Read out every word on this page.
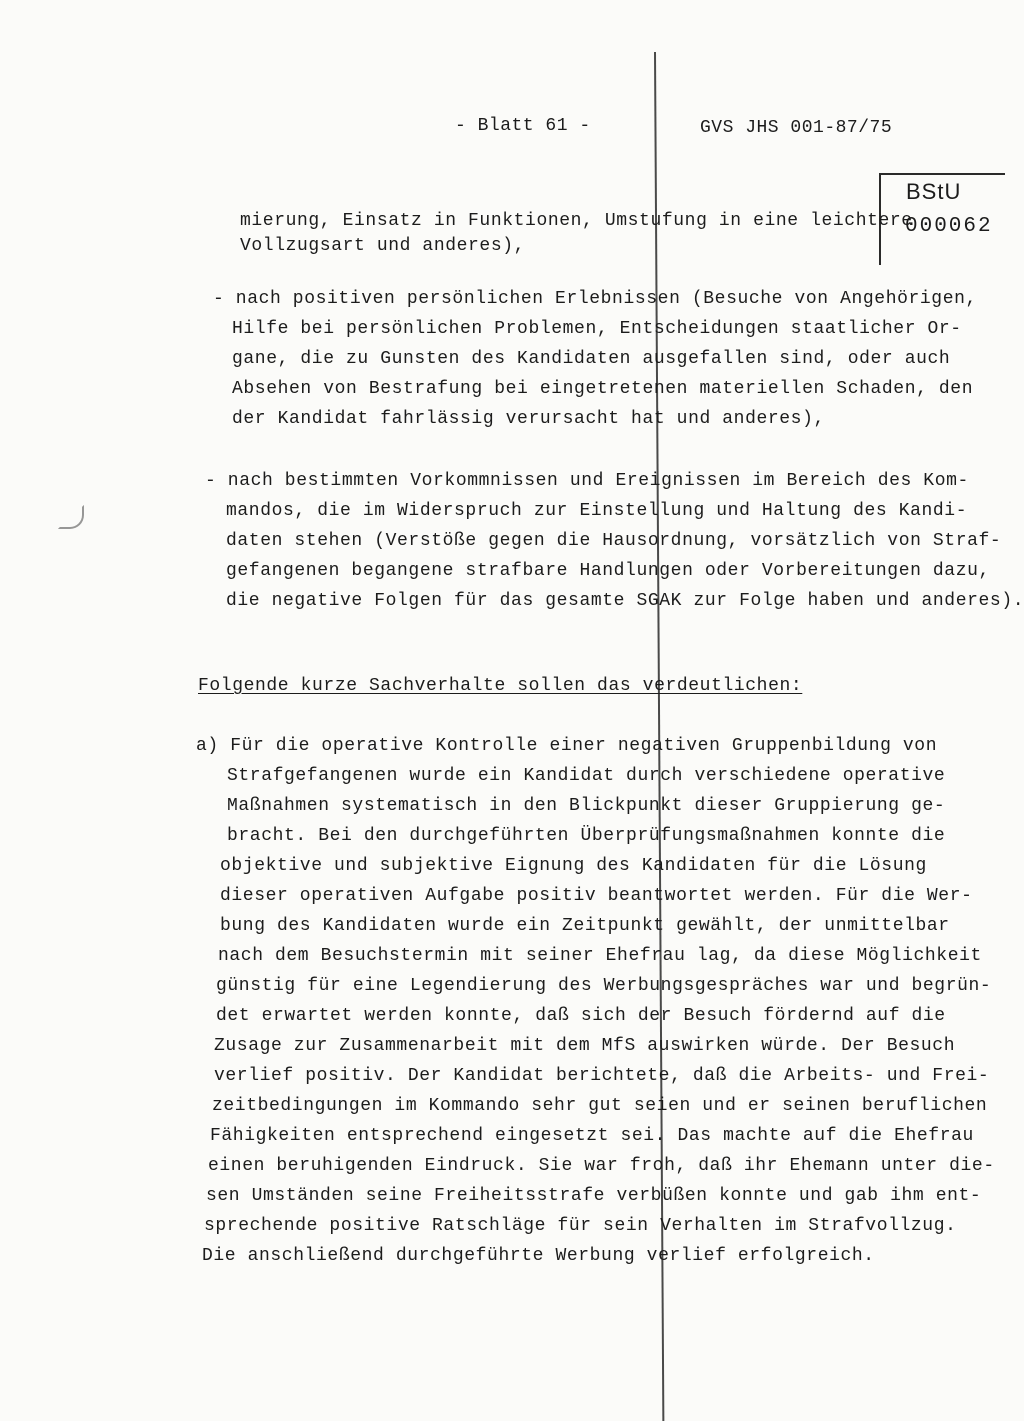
- Blatt 61 -	GVS JHS 001-87/75
BStU
000062
mierung, Einsatz in Funktionen, Umstufung in eine leichtere
Vollzugsart und anderes),
- nach positiven persönlichen Erlebnissen (Besuche von Angehörigen,
Hilfe bei persönlichen Problemen, Entscheidungen staatlicher Or-
gane, die zu Gunsten des Kandidaten ausgefallen sind, oder auch
Absehen von Bestrafung bei eingetretenen materiellen Schaden, den
der Kandidat fahrlässig verursacht hat und anderes),
- nach bestimmten Vorkommnissen und Ereignissen im Bereich des Kom-
mandos, die im Widerspruch zur Einstellung und Haltung des Kandi-
daten stehen (Verstöße gegen die Hausordnung, vorsätzlich von Straf-
gefangenen begangene strafbare Handlungen oder Vorbereitungen dazu,
die negative Folgen für das gesamte SGAK zur Folge haben und anderes).
Folgende kurze Sachverhalte sollen das verdeutlichen:
a) Für die operative Kontrolle einer negativen Gruppenbildung von
Strafgefangenen wurde ein Kandidat durch verschiedene operative
Maßnahmen systematisch in den Blickpunkt dieser Gruppierung ge-
bracht. Bei den durchgeführten Überprüfungsmaßnahmen konnte die
objektive und subjektive Eignung des Kandidaten für die Lösung
dieser operativen Aufgabe positiv beantwortet werden. Für die Wer-
bung des Kandidaten wurde ein Zeitpunkt gewählt, der unmittelbar
nach dem Besuchstermin mit seiner Ehefrau lag, da diese Möglichkeit
günstig für eine Legendierung des Werbungsgespräches war und begrün-
det erwartet werden konnte, daß sich der Besuch fördernd auf die
Zusage zur Zusammenarbeit mit dem MfS auswirken würde. Der Besuch
verlief positiv. Der Kandidat berichtete, daß die Arbeits- und Frei-
zeitbedingungen im Kommando sehr gut seien und er seinen beruflichen
Fähigkeiten entsprechend eingesetzt sei. Das machte auf die Ehefrau
einen beruhigenden Eindruck. Sie war froh, daß ihr Ehemann unter die-
sen Umständen seine Freiheitsstrafe verbüßen konnte und gab ihm ent-
sprechende positive Ratschläge für sein Verhalten im Strafvollzug.
Die anschließend durchgeführte Werbung verlief erfolgreich.
